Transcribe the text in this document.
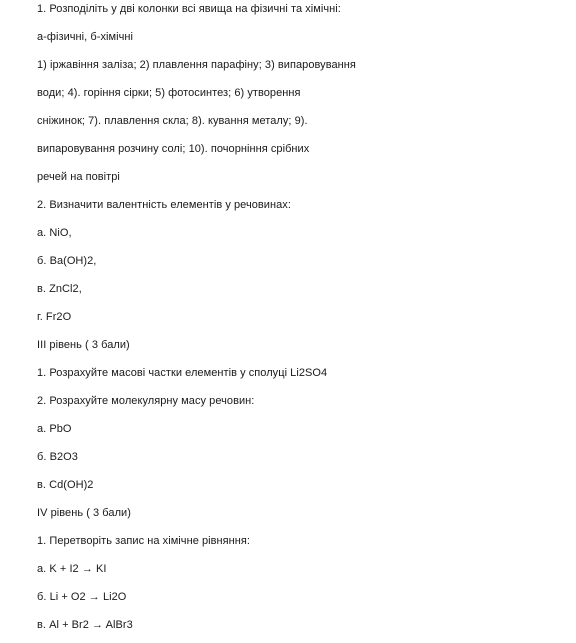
1. Розподіліть у дві колонки всі явища на фізичні та хімічні:
а-фізичні, б-хімічні
1) іржавіння заліза; 2) плавлення парафіну; 3) випаровування
води; 4). горіння сірки; 5) фотосинтез; 6) утворення
сніжинок; 7). плавлення скла; 8). кування металу; 9).
випаровування розчину солі; 10). почорніння срібних
речей на повітрі
2. Визначити валентність елементів у речовинах:
а. NiO,
б. Ba(OH)2,
в. ZnCl2,
г. Fr2O
III рівень ( 3 бали)
1. Розрахуйте масові частки елементів у сполуці Li2SO4
2. Розрахуйте молекулярну масу речовин:
а. PbO
б. B2O3
в. Cd(OH)2
IV рівень ( 3 бали)
1. Перетворіть запис на хімічне рівняння:
а. K + I2 → KI
б. Li + O2 → Li2O
в. Al + Br2 → AlBr3
